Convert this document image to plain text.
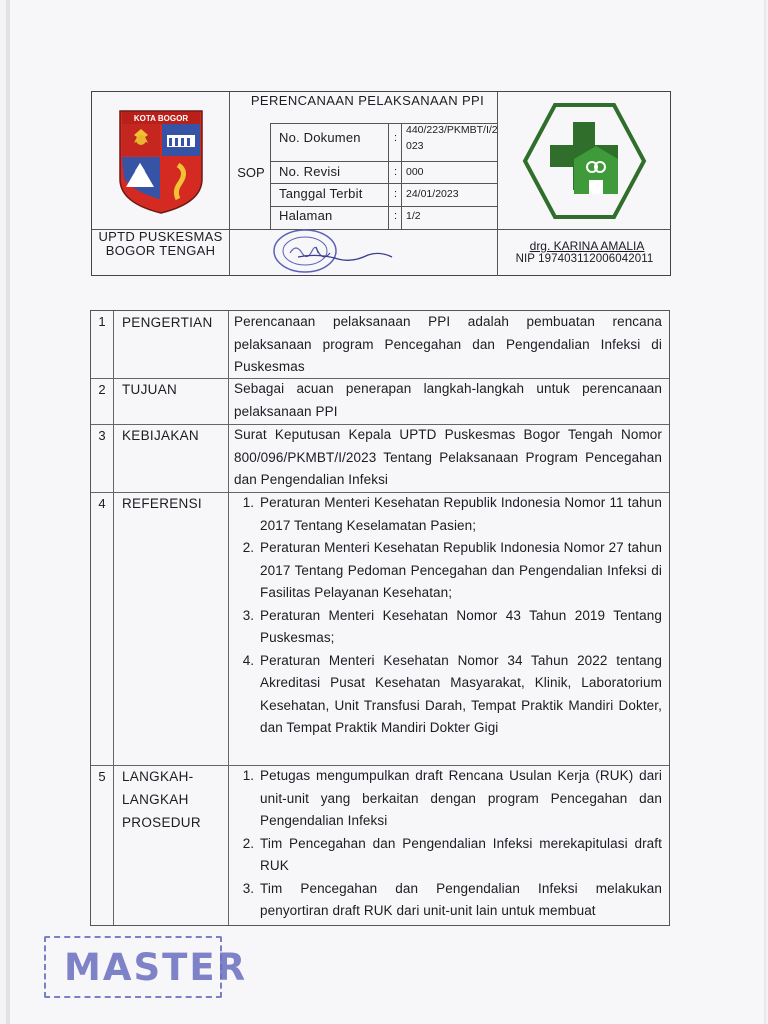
KOTA BOGOR
UPTD PUSKESMAS BOGOR TENGAH
PERENCANAAN PELAKSANAAN PPI
SOP
No. Dokumen	:
440/223/PKMBT/I/2023
No. Revisi	: 000
Tanggal Terbit	: 24/01/2023
Halaman	: 1/2
drg. KARINA AMALIA
NIP 197403112006042011
1	PENGERTIAN	Perencanaan pelaksanaan PPI adalah pembuatan rencana pelaksanaan program Pencegahan dan Pengendalian Infeksi di Puskesmas
2	TUJUAN	Sebagai acuan penerapan langkah-langkah untuk perencanaan pelaksanaan PPI
3	KEBIJAKAN	Surat Keputusan Kepala UPTD Puskesmas Bogor Tengah Nomor 800/096/PKMBT/I/2023 Tentang Pelaksanaan Program Pencegahan dan Pengendalian Infeksi
4	REFERENSI
1.	Peraturan Menteri Kesehatan Republik Indonesia Nomor 11 tahun 2017 Tentang Keselamatan Pasien;
2. Peraturan Menteri Kesehatan Republik Indonesia Nomor 27 tahun 2017 Tentang Pedoman Pencegahan dan Pengendalian Infeksi di Fasilitas Pelayanan Kesehatan;
3. Peraturan Menteri Kesehatan Nomor 43 Tahun 2019 Tentang Puskesmas;
4. Peraturan Menteri Kesehatan Nomor 34 Tahun 2022 tentang Akreditasi Pusat Kesehatan Masyarakat, Klinik, Laboratorium Kesehatan, Unit Transfusi Darah, Tempat Praktik Mandiri Dokter, dan Tempat Praktik Mandiri Dokter Gigi
5	LANGKAH-LANGKAH PROSEDUR
1. Petugas mengumpulkan draft Rencana Usulan Kerja (RUK) dari unit-unit yang berkaitan dengan program Pencegahan dan Pengendalian Infeksi
2. Tim Pencegahan dan Pengendalian Infeksi merekapitulasi draft RUK
3. Tim Pencegahan dan Pengendalian Infeksi melakukan penyortiran draft RUK dari unit-unit lain untuk membuat
MASTER
